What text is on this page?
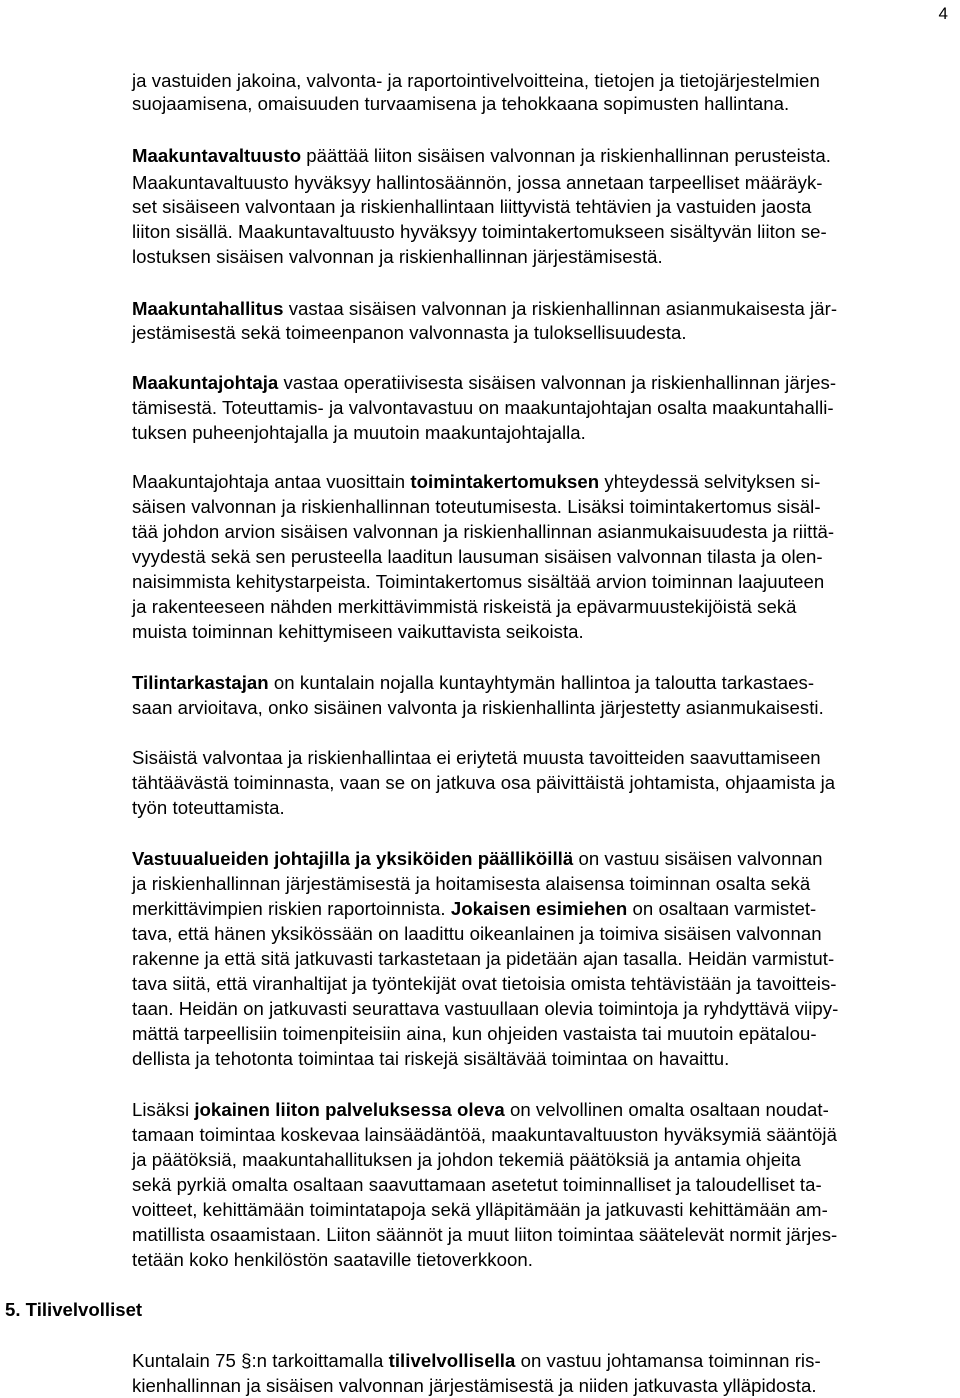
4
ja vastuiden jakoina, valvonta- ja raportointivelvoitteina, tietojen ja tietojärjestelmien
suojaamisena, omaisuuden turvaamisena ja tehokkaana sopimusten hallintana.
Maakuntavaltuusto päättää liiton sisäisen valvonnan ja riskienhallinnan perusteista.
Maakuntavaltuusto hyväksyy hallintosäännön, jossa annetaan tarpeelliset määräyk-
set sisäiseen valvontaan ja riskienhallintaan liittyvistä tehtävien ja vastuiden jaosta
liiton sisällä. Maakuntavaltuusto hyväksyy toimintakertomukseen sisältyvän liiton se-
lostuksen sisäisen valvonnan ja riskienhallinnan järjestämisestä.
Maakuntahallitus vastaa sisäisen valvonnan ja riskienhallinnan asianmukaisesta jär-
jestämisestä sekä toimeenpanon valvonnasta ja tuloksellisuudesta.
Maakuntajohtaja vastaa operatiivisesta sisäisen valvonnan ja riskienhallinnan järjes-
tämisestä. Toteuttamis- ja valvontavastuu on maakuntajohtajan osalta maakuntahalli-
tuksen puheenjohtajalla ja muutoin maakuntajohtajalla.
Maakuntajohtaja antaa vuosittain toimintakertomuksen yhteydessä selvityksen si-
säisen valvonnan ja riskienhallinnan toteutumisesta. Lisäksi toimintakertomus sisäl-
tää johdon arvion sisäisen valvonnan ja riskienhallinnan asianmukaisuudesta ja riittä-
vyydestä sekä sen perusteella laaditun lausuman sisäisen valvonnan tilasta ja olen-
naisimmista kehitystarpeista. Toimintakertomus sisältää arvion toiminnan laajuuteen
ja rakenteeseen nähden merkittävimmistä riskeistä ja epävarmuustekijöistä sekä
muista toiminnan kehittymiseen vaikuttavista seikoista.
Tilintarkastajan on kuntalain nojalla kuntayhtymän hallintoa ja taloutta tarkastaes-
saan arvioitava, onko sisäinen valvonta ja riskienhallinta järjestetty asianmukaisesti.
Sisäistä valvontaa ja riskienhallintaa ei eriytetä muusta tavoitteiden saavuttamiseen
tähtäävästä toiminnasta, vaan se on jatkuva osa päivittäistä johtamista, ohjaamista ja
työn toteuttamista.
Vastuualueiden johtajilla ja yksiköiden päälliköillä on vastuu sisäisen valvonnan
ja riskienhallinnan järjestämisestä ja hoitamisesta alaisensa toiminnan osalta sekä
merkittävimpien riskien raportoinnista. Jokaisen esimiehen on osaltaan varmistet-
tava, että hänen yksikössään on laadittu oikeanlainen ja toimiva sisäisen valvonnan
rakenne ja että sitä jatkuvasti tarkastetaan ja pidetään ajan tasalla. Heidän varmistut-
tava siitä, että viranhaltijat ja työntekijät ovat tietoisia omista tehtävistään ja tavoitteis-
taan. Heidän on jatkuvasti seurattava vastuullaan olevia toimintoja ja ryhdyttävä viipy-
mättä tarpeellisiin toimenpiteisiin aina, kun ohjeiden vastaista tai muutoin epätalou-
dellista ja tehotonta toimintaa tai riskejä sisältävää toimintaa on havaittu.
Lisäksi jokainen liiton palveluksessa oleva on velvollinen omalta osaltaan noudat-
tamaan toimintaa koskevaa lainsäädäntöä, maakuntavaltuuston hyväksymiä sääntöjä
ja päätöksiä, maakuntahallituksen ja johdon tekemiä päätöksiä ja antamia ohjeita
sekä pyrkiä omalta osaltaan saavuttamaan asetetut toiminnalliset ja taloudelliset ta-
voitteet, kehittämään toimintatapoja sekä ylläpitämään ja jatkuvasti kehittämään am-
matillista osaamistaan. Liiton säännöt ja muut liiton toimintaa säätelevät normit järjes-
tetään koko henkilöstön saataville tietoverkkoon.
Kuntalain 75 §:n tarkoittamalla tilivelvollisella on vastuu johtamansa toiminnan ris-
kienhallinnan ja sisäisen valvonnan järjestämisestä ja niiden jatkuvasta ylläpidosta.
5. Tilivelvolliset
